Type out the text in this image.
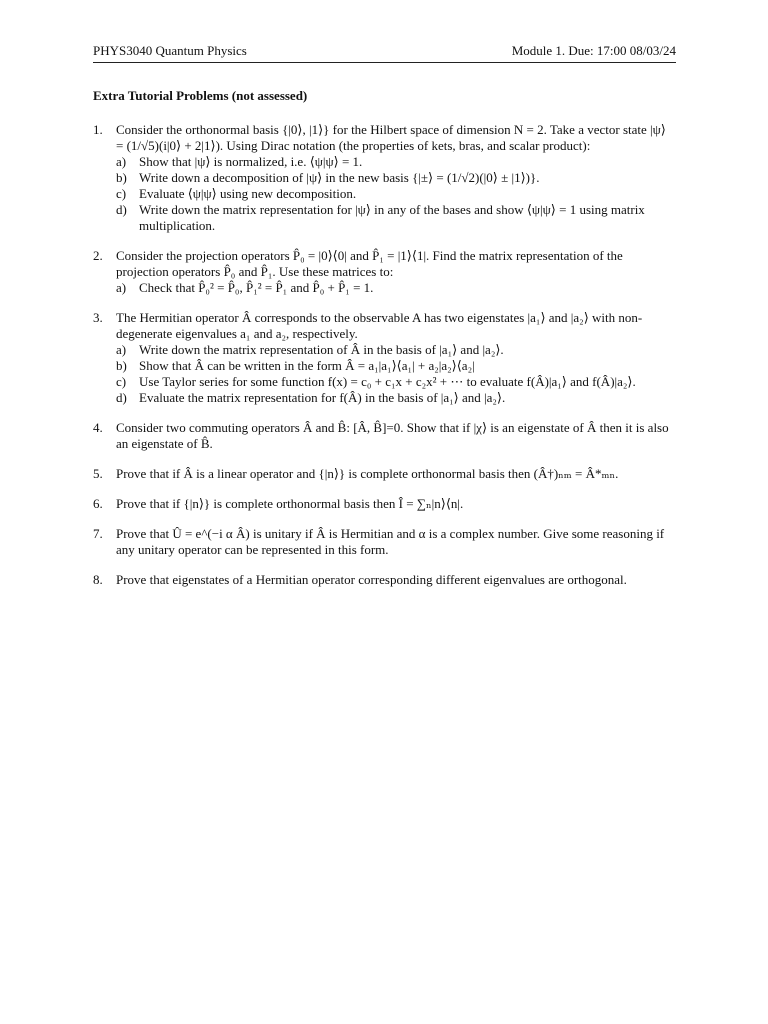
PHYS3040 Quantum Physics	Module 1. Due: 17:00 08/03/24
Extra Tutorial Problems (not assessed)
1. Consider the orthonormal basis {|0⟩, |1⟩} for the Hilbert space of dimension N = 2. Take a vector state |ψ⟩ = (1/√5)(i|0⟩ + 2|1⟩). Using Dirac notation (the properties of kets, bras, and scalar product):
a) Show that |ψ⟩ is normalized, i.e. ⟨ψ|ψ⟩ = 1.
b) Write down a decomposition of |ψ⟩ in the new basis {|±⟩ = (1/√2)(|0⟩ ± |1⟩)}.
c) Evaluate ⟨ψ|ψ⟩ using new decomposition.
d) Write down the matrix representation for |ψ⟩ in any of the bases and show ⟨ψ|ψ⟩ = 1 using matrix multiplication.
2. Consider the projection operators P̂₀ = |0⟩⟨0| and P̂₁ = |1⟩⟨1|. Find the matrix representation of the projection operators P̂₀ and P̂₁. Use these matrices to:
a) Check that P̂₀² = P̂₀, P̂₁² = P̂₁ and P̂₀ + P̂₁ = 1.
3. The Hermitian operator Â corresponds to the observable A has two eigenstates |a₁⟩ and |a₂⟩ with non-degenerate eigenvalues a₁ and a₂, respectively.
a) Write down the matrix representation of Â in the basis of |a₁⟩ and |a₂⟩.
b) Show that Â can be written in the form Â = a₁|a₁⟩⟨a₁| + a₂|a₂⟩⟨a₂|
c) Use Taylor series for some function f(x) = c₀ + c₁x + c₂x² + ⋯ to evaluate f(Â)|a₁⟩ and f(Â)|a₂⟩.
d) Evaluate the matrix representation for f(Â) in the basis of |a₁⟩ and |a₂⟩.
4. Consider two commuting operators Â and B̂: [Â, B̂]=0. Show that if |χ⟩ is an eigenstate of Â then it is also an eigenstate of B̂.
5. Prove that if Â is a linear operator and {|n⟩} is complete orthonormal basis then (Â†)ₙₘ = Â*ₘₙ.
6. Prove that if {|n⟩} is complete orthonormal basis then Î = ∑ₙ|n⟩⟨n|.
7. Prove that Û = e^(−i α Â) is unitary if Â is Hermitian and α is a complex number. Give some reasoning if any unitary operator can be represented in this form.
8. Prove that eigenstates of a Hermitian operator corresponding different eigenvalues are orthogonal.
